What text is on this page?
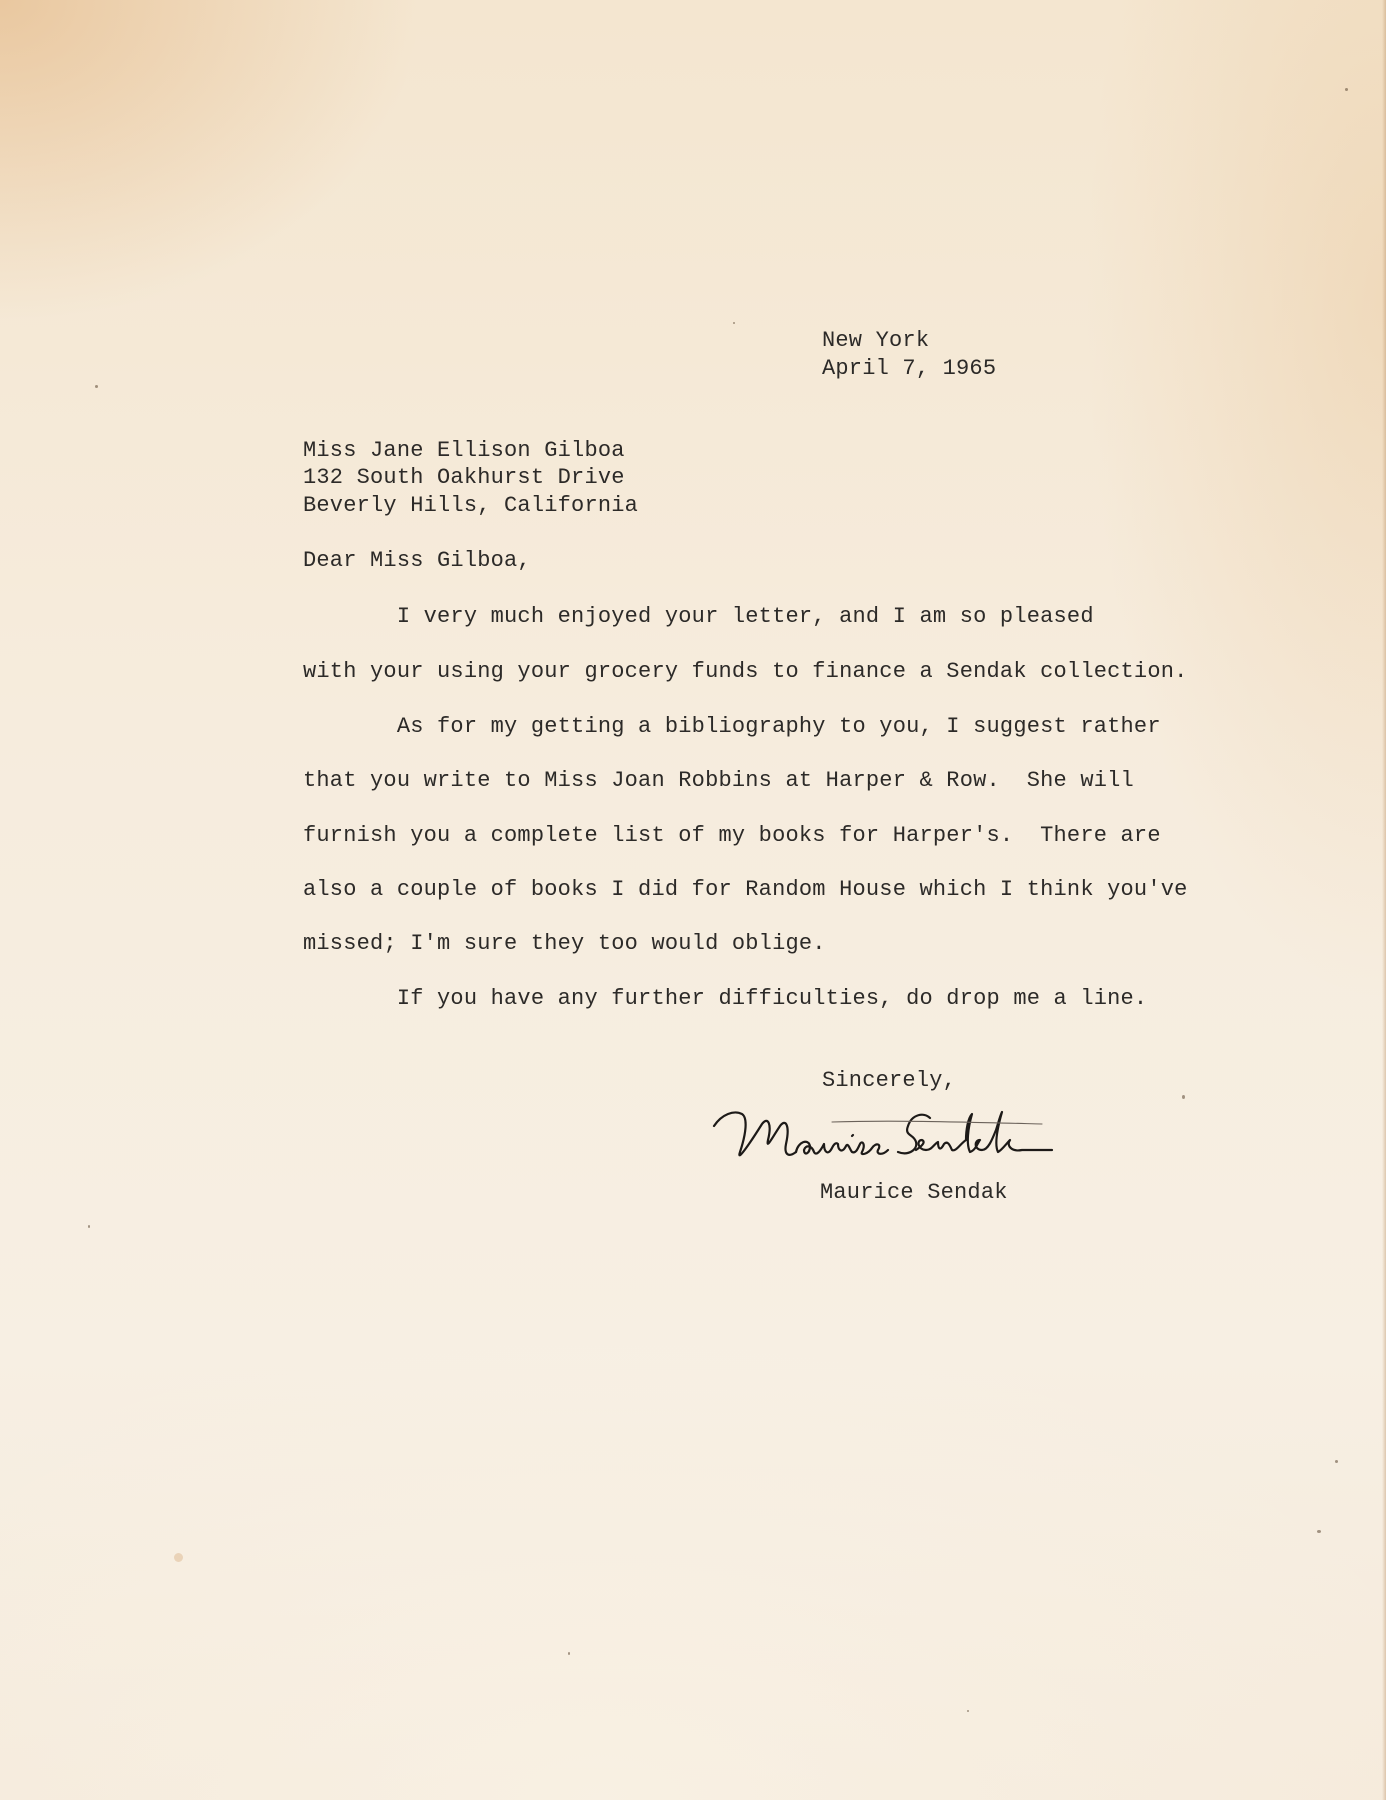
New York

April 7, 1965

Miss Jane Ellison Gilboa

132 South Oakhurst Drive

Beverly Hills, California

Dear Miss Gilboa,

I very much enjoyed your letter, and I am so pleased

with your using your grocery funds to finance a Sendak collection.

As for my getting a bibliography to you, I suggest rather

that you write to Miss Joan Robbins at Harper & Row.  She will

furnish you a complete list of my books for Harper's.  There are

also a couple of books I did for Random House which I think you've

missed; I'm sure they too would oblige.

If you have any further difficulties, do drop me a line.

Sincerely,

Maurice Sendak

Maurice Sendak
